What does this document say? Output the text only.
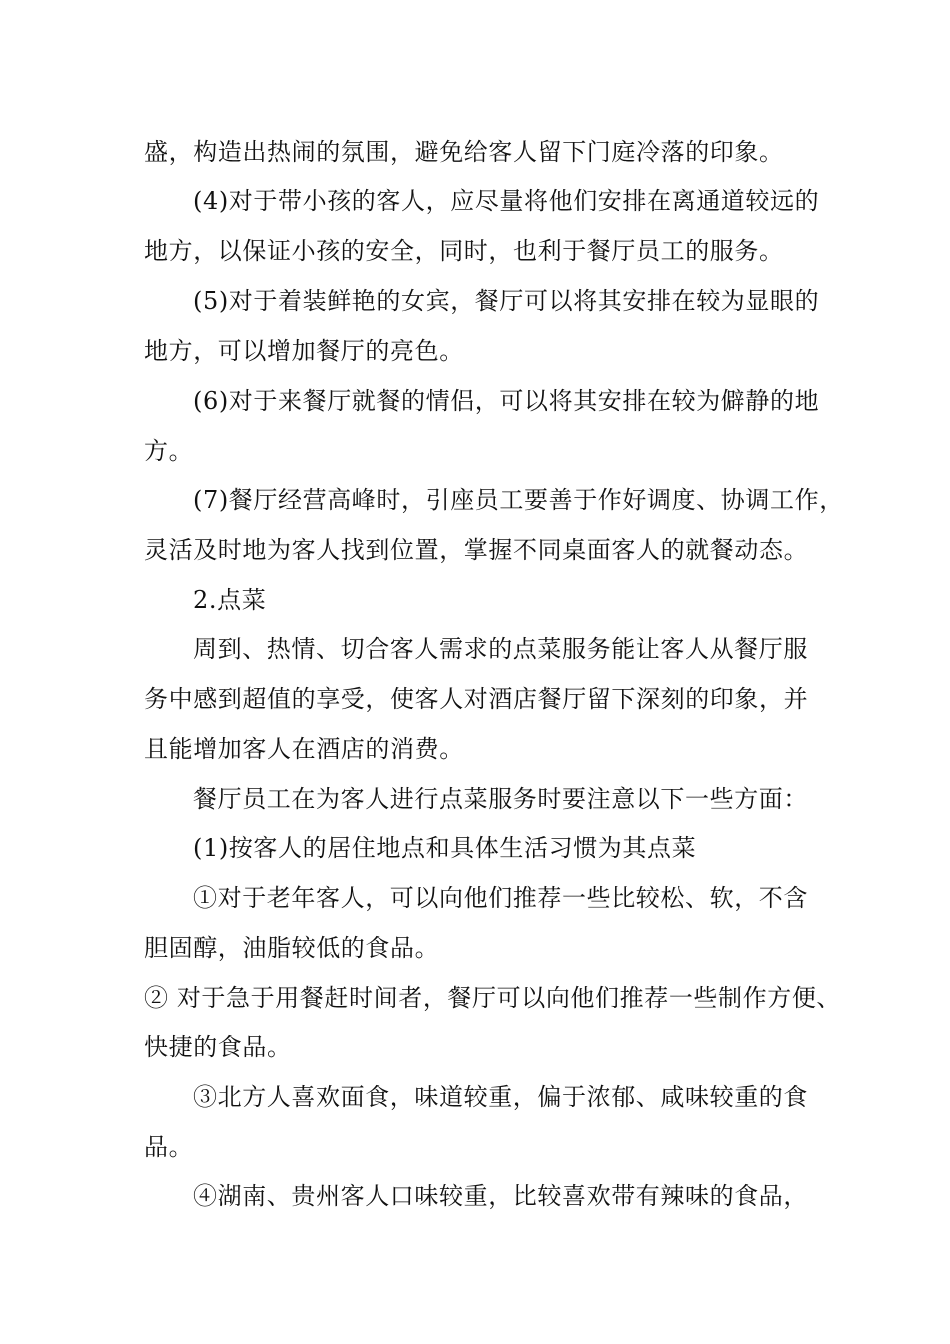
盛，构造出热闹的氛围，避免给客人留下门庭冷落的印象。
(4)对于带小孩的客人，应尽量将他们安排在离通道较远的
地方，以保证小孩的安全，同时，也利于餐厅员工的服务。
(5)对于着装鲜艳的女宾，餐厅可以将其安排在较为显眼的
地方，可以增加餐厅的亮色。
(6)对于来餐厅就餐的情侣，可以将其安排在较为僻静的地
方。
(7)餐厅经营高峰时，引座员工要善于作好调度、协调工作，
灵活及时地为客人找到位置，掌握不同桌面客人的就餐动态。
2.点菜
周到、热情、切合客人需求的点菜服务能让客人从餐厅服
务中感到超值的享受，使客人对酒店餐厅留下深刻的印象，并
且能增加客人在酒店的消费。
餐厅员工在为客人进行点菜服务时要注意以下一些方面：
(1)按客人的居住地点和具体生活习惯为其点菜
①对于老年客人，可以向他们推荐一些比较松、软，不含
胆固醇，油脂较低的食品。
② 对于急于用餐赶时间者，餐厅可以向他们推荐一些制作方便、
快捷的食品。
③北方人喜欢面食，味道较重，偏于浓郁、咸味较重的食
品。
④湖南、贵州客人口味较重，比较喜欢带有辣味的食品，
